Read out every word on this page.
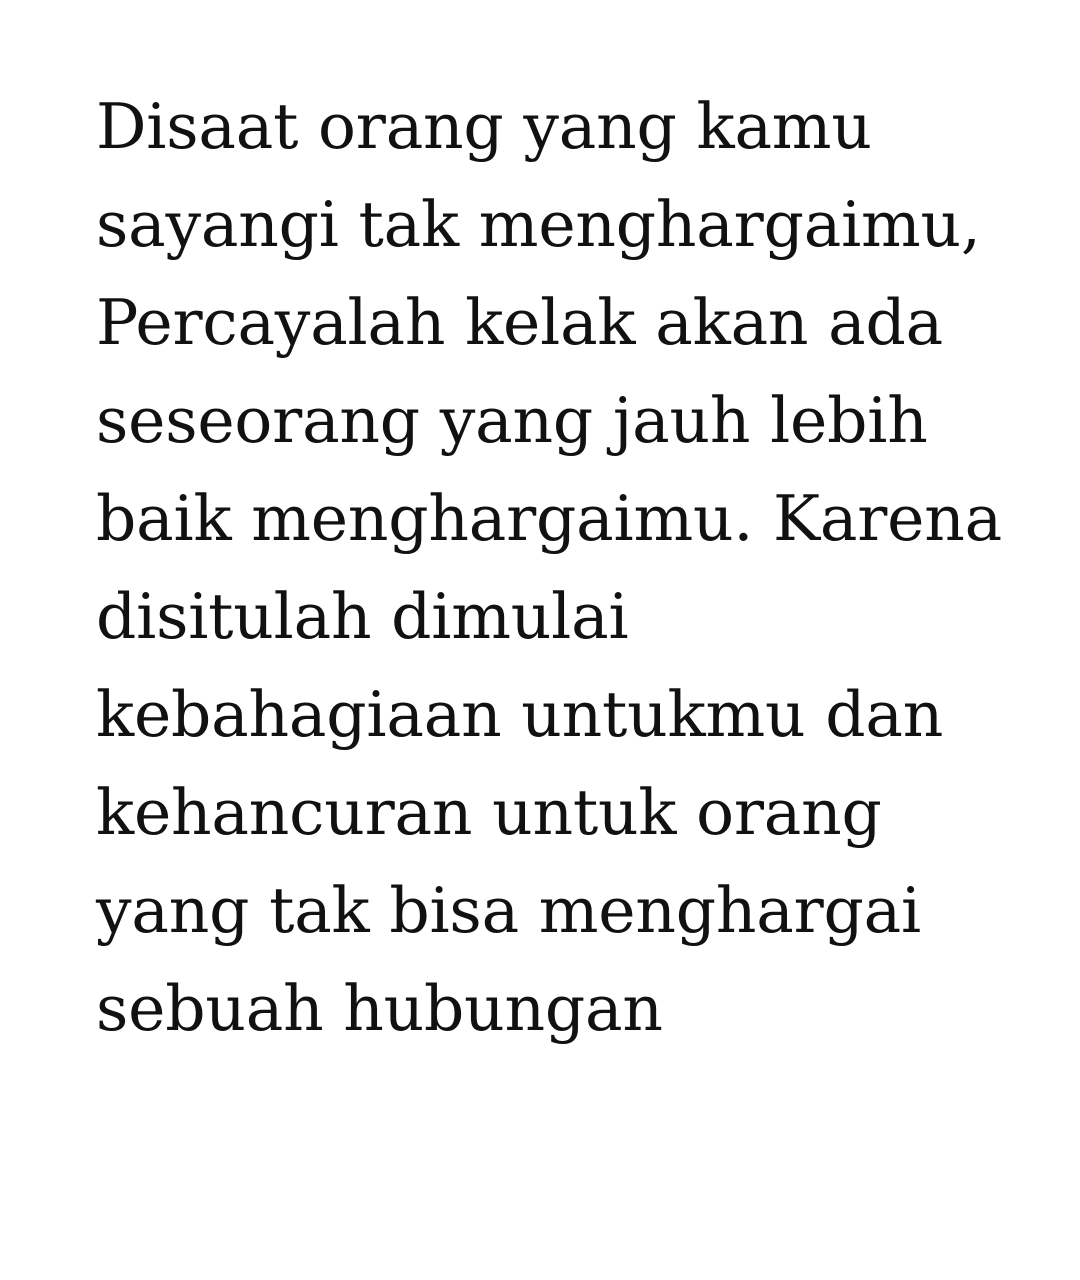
Disaat orang yang kamu sayangi tak menghargaimu, Percayalah kelak akan ada seseorang yang jauh lebih baik menghargaimu. Karena disitulah dimulai kebahagiaan untukmu dan kehancuran untuk orang yang tak bisa menghargai sebuah hubungan
